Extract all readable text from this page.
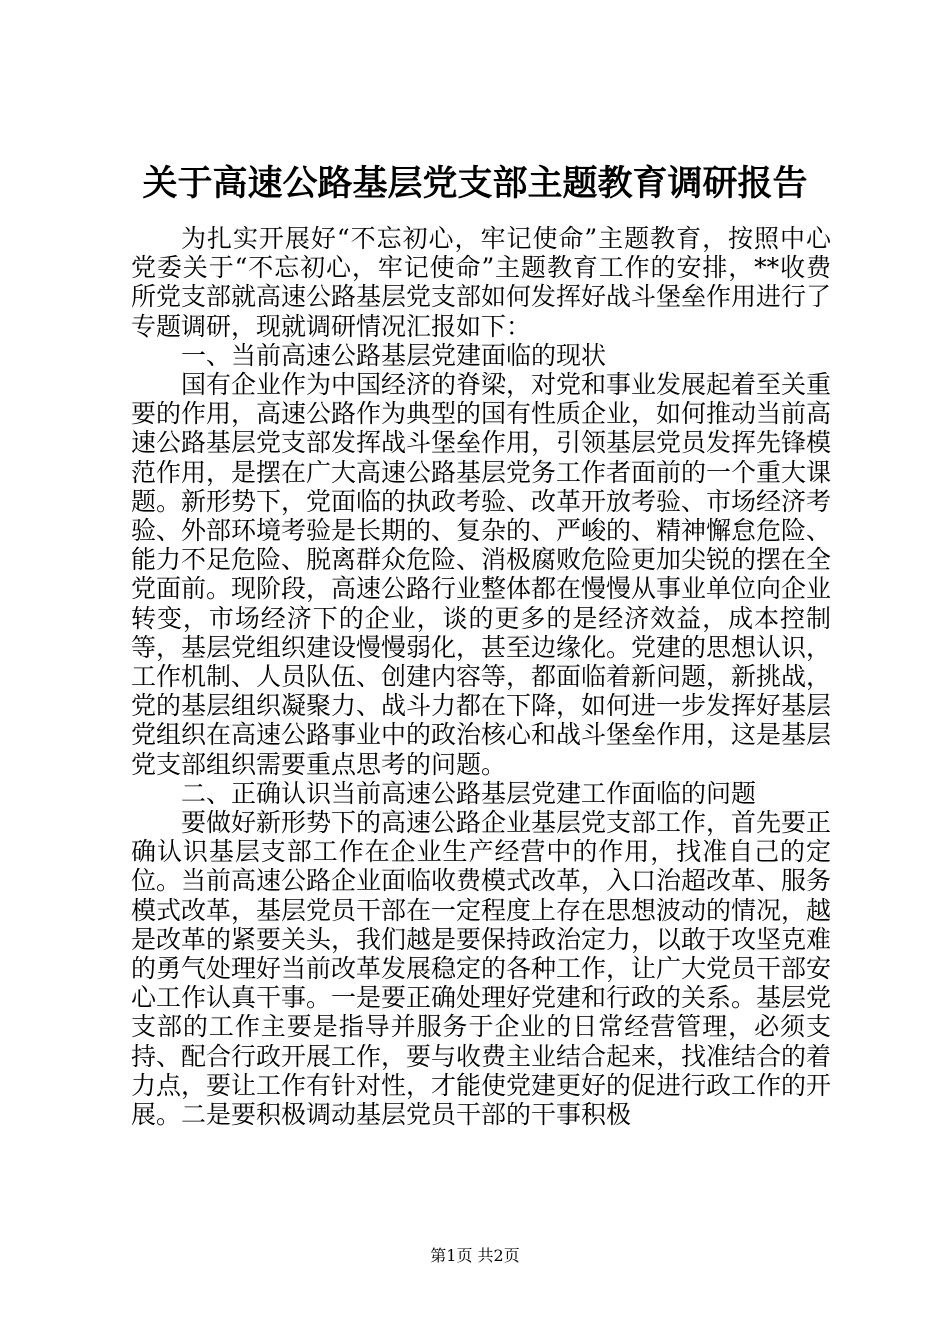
关于高速公路基层党支部主题教育调研报告

为扎实开展好“不忘初心，牢记使命”主题教育，按照中心党委关于“不忘初心，牢记使命”主题教育工作的安排，**收费所党支部就高速公路基层党支部如何发挥好战斗堡垒作用进行了专题调研，现就调研情况汇报如下：

一、当前高速公路基层党建面临的现状

国有企业作为中国经济的脊梁，对党和事业发展起着至关重要的作用，高速公路作为典型的国有性质企业，如何推动当前高速公路基层党支部发挥战斗堡垒作用，引领基层党员发挥先锋模范作用，是摆在广大高速公路基层党务工作者面前的一个重大课题。新形势下，党面临的执政考验、改革开放考验、市场经济考验、外部环境考验是长期的、复杂的、严峻的、精神懈怠危险、能力不足危险、脱离群众危险、消极腐败危险更加尖锐的摆在全党面前。现阶段，高速公路行业整体都在慢慢从事业单位向企业转变，市场经济下的企业，谈的更多的是经济效益，成本控制等，基层党组织建设慢慢弱化，甚至边缘化。党建的思想认识，工作机制、人员队伍、创建内容等，都面临着新问题，新挑战，党的基层组织凝聚力、战斗力都在下降，如何进一步发挥好基层党组织在高速公路事业中的政治核心和战斗堡垒作用，这是基层党支部组织需要重点思考的问题。

二、正确认识当前高速公路基层党建工作面临的问题

要做好新形势下的高速公路企业基层党支部工作，首先要正确认识基层支部工作在企业生产经营中的作用，找准自己的定位。当前高速公路企业面临收费模式改革，入口治超改革、服务模式改革，基层党员干部在一定程度上存在思想波动的情况，越是改革的紧要关头，我们越是要保持政治定力，以敢于攻坚克难的勇气处理好当前改革发展稳定的各种工作，让广大党员干部安心工作认真干事。一是要正确处理好党建和行政的关系。基层党支部的工作主要是指导并服务于企业的日常经营管理，必须支持、配合行政开展工作，要与收费主业结合起来，找准结合的着力点，要让工作有针对性，才能使党建更好的促进行政工作的开展。二是要积极调动基层党员干部的干事积极

第1页 共2页
